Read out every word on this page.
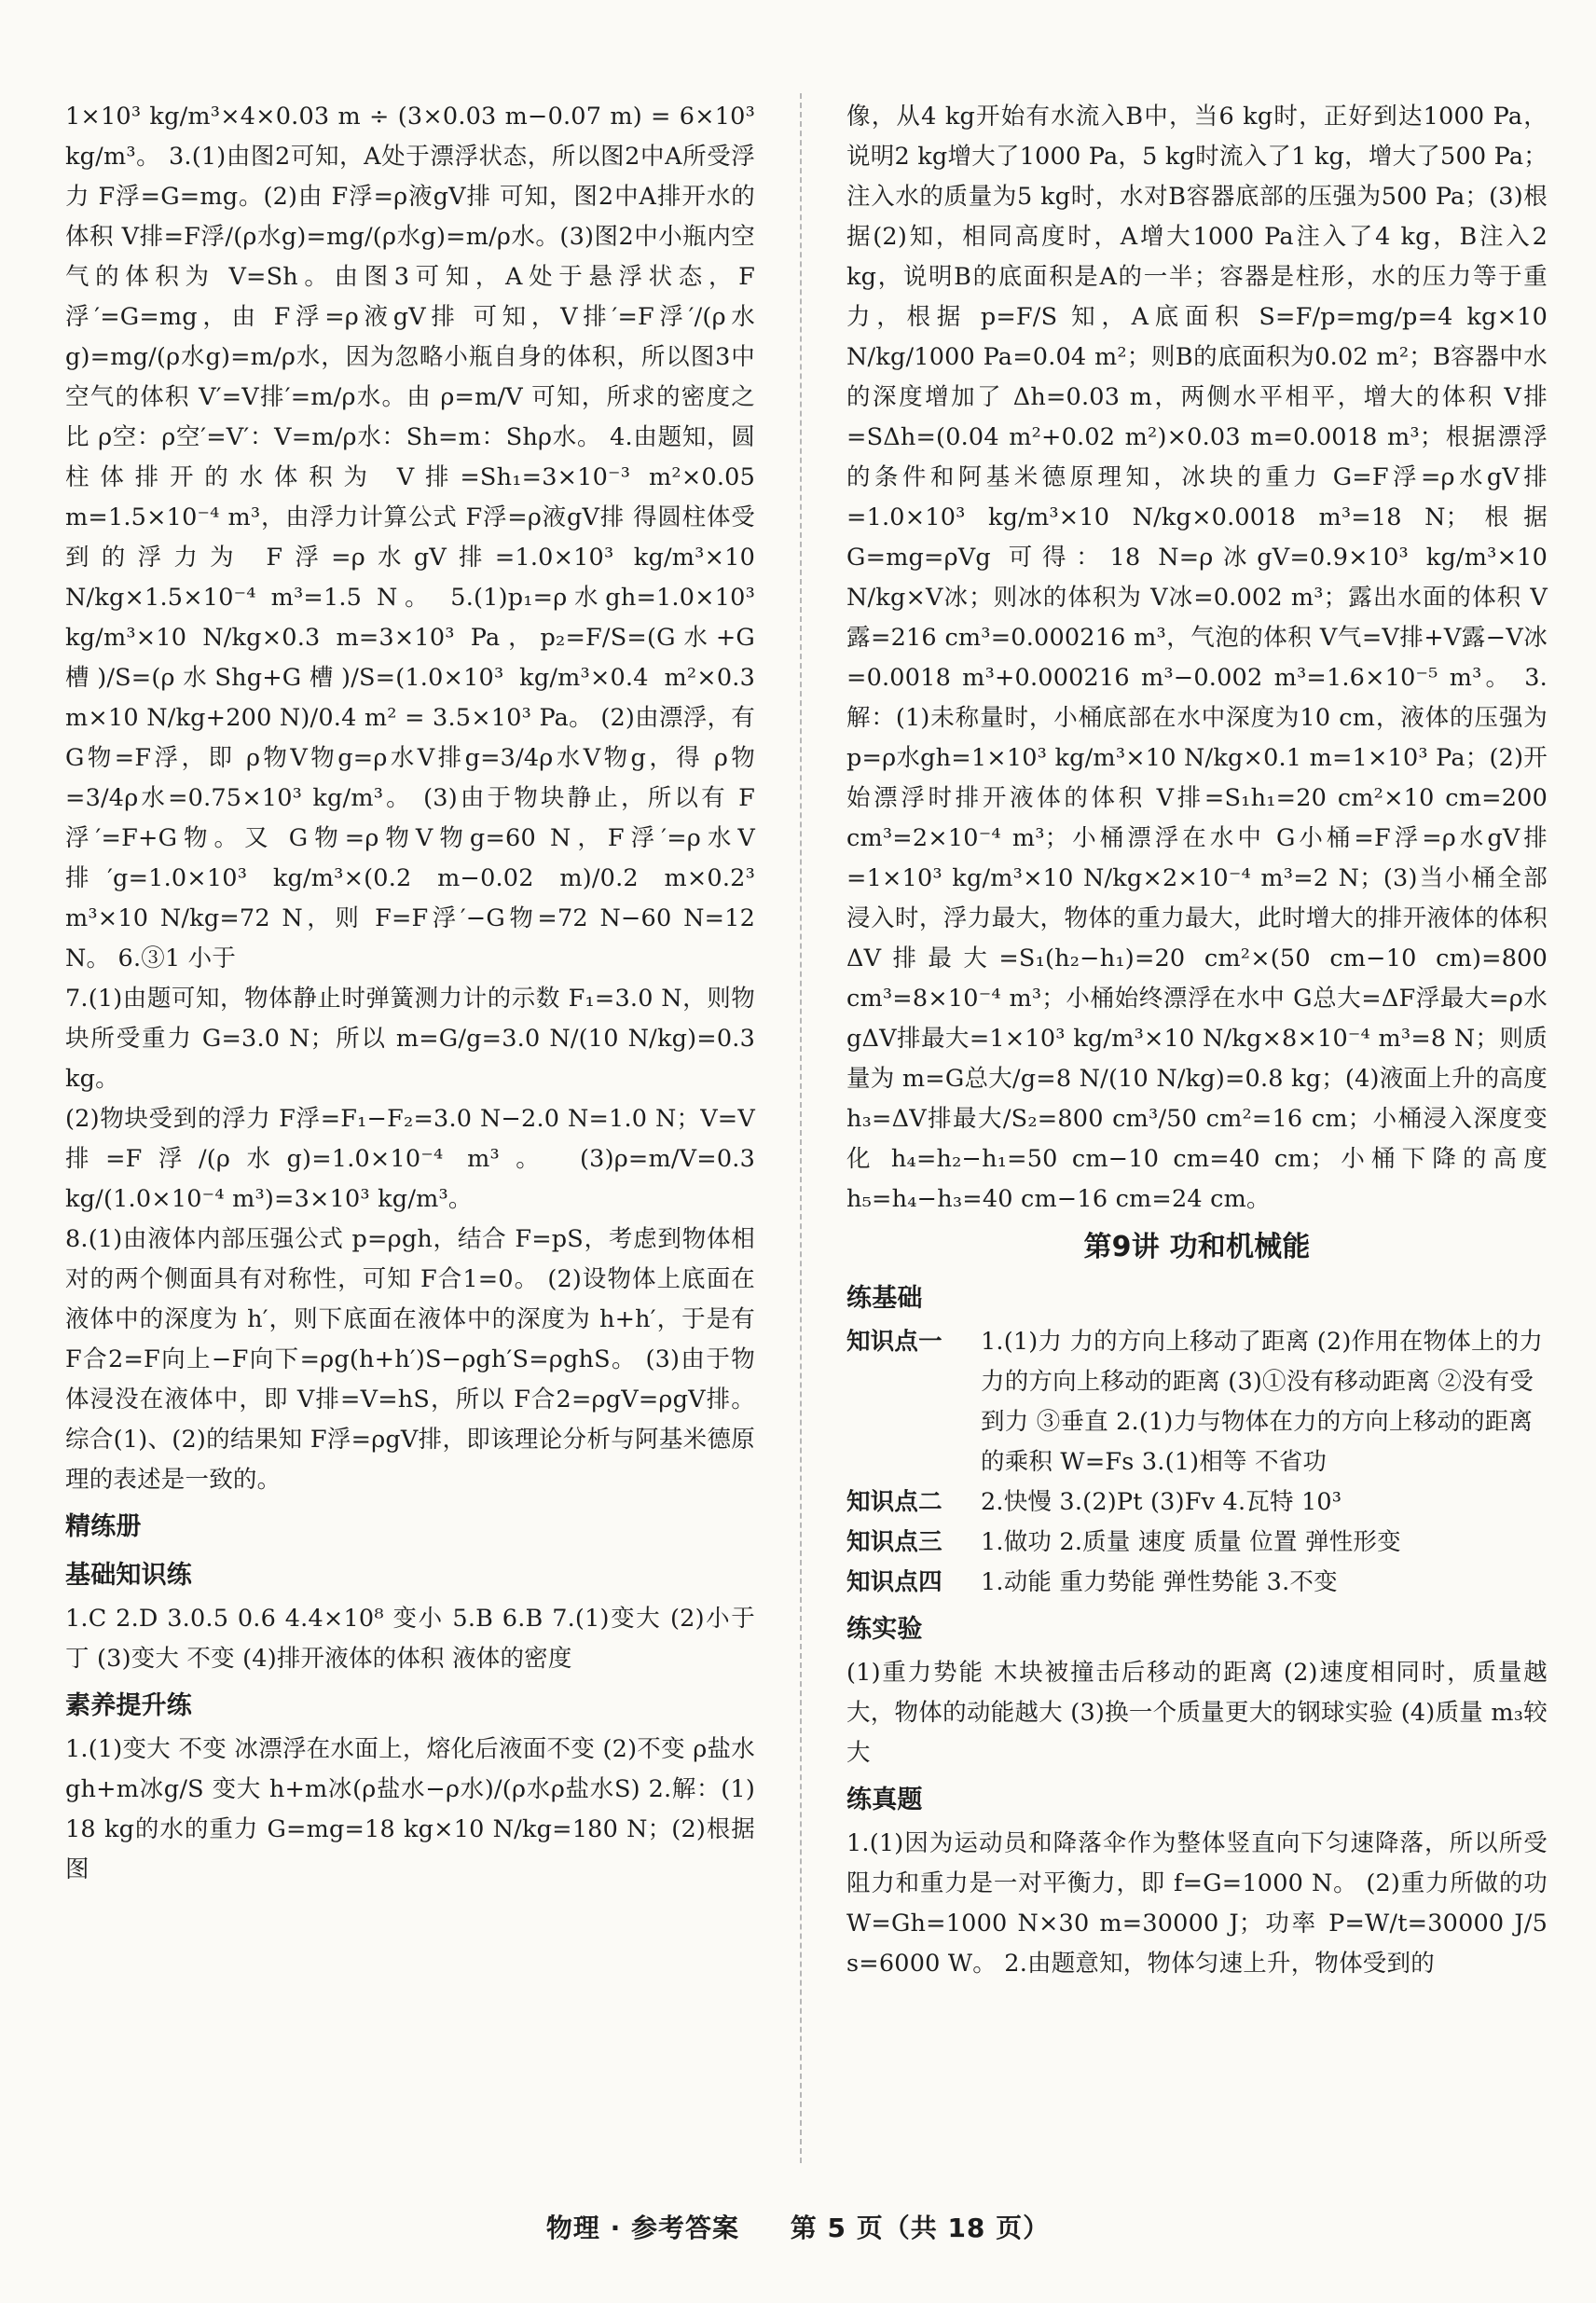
1×10³ kg/m³×4×0.03 m ÷ (3×0.03 m−0.07 m) = 6×10³ kg/m³。 3.(1)由图2可知，A处于漂浮状态，所以图2中A所受浮力 F浮=G=mg。(2)由 F浮=ρ液gV排 可知，图2中A排开水的体积 V排=F浮/(ρ水g)=mg/(ρ水g)=m/ρ水。(3)图2中小瓶内空气的体积为 V=Sh。由图3可知，A处于悬浮状态，F浮′=G=mg，由 F浮=ρ液gV排 可知，V排′=F浮′/(ρ水g)=mg/(ρ水g)=m/ρ水，因为忽略小瓶自身的体积，所以图3中空气的体积 V′=V排′=m/ρ水。由 ρ=m/V 可知，所求的密度之比 ρ空：ρ空′=V′：V=m/ρ水：Sh=m：Shρ水。 4.由题知，圆柱体排开的水体积为 V排=Sh₁=3×10⁻³ m²×0.05 m=1.5×10⁻⁴ m³，由浮力计算公式 F浮=ρ液gV排 得圆柱体受到的浮力为 F浮=ρ水gV排=1.0×10³ kg/m³×10 N/kg×1.5×10⁻⁴ m³=1.5 N。 5.(1)p₁=ρ水gh=1.0×10³ kg/m³×10 N/kg×0.3 m=3×10³ Pa，p₂=F/S=(G水+G槽)/S=(ρ水Shg+G槽)/S=(1.0×10³ kg/m³×0.4 m²×0.3 m×10 N/kg+200 N)/0.4 m² = 3.5×10³ Pa。 (2)由漂浮，有 G物=F浮，即 ρ物V物g=ρ水V排g=3/4ρ水V物g，得 ρ物=3/4ρ水=0.75×10³ kg/m³。 (3)由于物块静止，所以有 F浮′=F+G物。又 G物=ρ物V物g=60 N，F浮′=ρ水V排′g=1.0×10³ kg/m³×(0.2 m−0.02 m)/0.2 m×0.2³ m³×10 N/kg=72 N，则 F=F浮′−G物=72 N−60 N=12 N。 6.③1 小于

7.(1)由题可知，物体静止时弹簧测力计的示数 F₁=3.0 N，则物块所受重力 G=3.0 N；所以 m=G/g=3.0 N/(10 N/kg)=0.3 kg。

(2)物块受到的浮力 F浮=F₁−F₂=3.0 N−2.0 N=1.0 N；V=V排=F浮/(ρ水g)=1.0×10⁻⁴ m³。 (3)ρ=m/V=0.3 kg/(1.0×10⁻⁴ m³)=3×10³ kg/m³。

8.(1)由液体内部压强公式 p=ρgh，结合 F=pS，考虑到物体相对的两个侧面具有对称性，可知 F合1=0。 (2)设物体上底面在液体中的深度为 h′，则下底面在液体中的深度为 h+h′，于是有 F合2=F向上−F向下=ρg(h+h′)S−ρgh′S=ρghS。 (3)由于物体浸没在液体中，即 V排=V=hS，所以 F合2=ρgV=ρgV排。综合(1)、(2)的结果知 F浮=ρgV排，即该理论分析与阿基米德原理的表述是一致的。

精练册
基础知识练

1.C 2.D 3.0.5 0.6 4.4×10⁸ 变小 5.B 6.B 7.(1)变大 (2)小于 丁 (3)变大 不变 (4)排开液体的体积 液体的密度

素养提升练

1.(1)变大 不变 冰漂浮在水面上，熔化后液面不变 (2)不变 ρ盐水gh+m冰g/S 变大 h+m冰(ρ盐水−ρ水)/(ρ水ρ盐水S) 2.解：(1) 18 kg的水的重力 G=mg=18 kg×10 N/kg=180 N；(2)根据图

像，从4 kg开始有水流入B中，当6 kg时，正好到达1000 Pa，说明2 kg增大了1000 Pa，5 kg时流入了1 kg，增大了500 Pa；注入水的质量为5 kg时，水对B容器底部的压强为500 Pa；(3)根据(2)知，相同高度时，A增大1000 Pa注入了4 kg，B注入2 kg，说明B的底面积是A的一半；容器是柱形，水的压力等于重力，根据 p=F/S 知，A底面积 S=F/p=mg/p=4 kg×10 N/kg/1000 Pa=0.04 m²；则B的底面积为0.02 m²；B容器中水的深度增加了 Δh=0.03 m，两侧水平相平，增大的体积 V排=SΔh=(0.04 m²+0.02 m²)×0.03 m=0.0018 m³；根据漂浮的条件和阿基米德原理知，冰块的重力 G=F浮=ρ水gV排=1.0×10³ kg/m³×10 N/kg×0.0018 m³=18 N；根据 G=mg=ρVg 可得：18 N=ρ冰gV=0.9×10³ kg/m³×10 N/kg×V冰；则冰的体积为 V冰=0.002 m³；露出水面的体积 V露=216 cm³=0.000216 m³，气泡的体积 V气=V排+V露−V冰=0.0018 m³+0.000216 m³−0.002 m³=1.6×10⁻⁵ m³。 3.解：(1)未称量时，小桶底部在水中深度为10 cm，液体的压强为 p=ρ水gh=1×10³ kg/m³×10 N/kg×0.1 m=1×10³ Pa；(2)开始漂浮时排开液体的体积 V排=S₁h₁=20 cm²×10 cm=200 cm³=2×10⁻⁴ m³；小桶漂浮在水中 G小桶=F浮=ρ水gV排=1×10³ kg/m³×10 N/kg×2×10⁻⁴ m³=2 N；(3)当小桶全部浸入时，浮力最大，物体的重力最大，此时增大的排开液体的体积 ΔV排最大=S₁(h₂−h₁)=20 cm²×(50 cm−10 cm)=800 cm³=8×10⁻⁴ m³；小桶始终漂浮在水中 G总大=ΔF浮最大=ρ水gΔV排最大=1×10³ kg/m³×10 N/kg×8×10⁻⁴ m³=8 N；则质量为 m=G总大/g=8 N/(10 N/kg)=0.8 kg；(4)液面上升的高度 h₃=ΔV排最大/S₂=800 cm³/50 cm²=16 cm；小桶浸入深度变化 h₄=h₂−h₁=50 cm−10 cm=40 cm；小桶下降的高度 h₅=h₄−h₃=40 cm−16 cm=24 cm。

第9讲 功和机械能
练基础
知识点一	1.(1)力 力的方向上移动了距离 (2)作用在物体上的力 力的方向上移动的距离 (3)①没有移动距离 ②没有受到力 ③垂直 2.(1)力与物体在力的方向上移动的距离的乘积 W=Fs 3.(1)相等 不省功
知识点二	2.快慢 3.(2)Pt (3)Fv 4.瓦特 10³
知识点三	1.做功 2.质量 速度 质量 位置 弹性形变
知识点四	1.动能 重力势能 弹性势能 3.不变
练实验

(1)重力势能 木块被撞击后移动的距离 (2)速度相同时，质量越大，物体的动能越大 (3)换一个质量更大的钢球实验 (4)质量 m₃较大

练真题

1.(1)因为运动员和降落伞作为整体竖直向下匀速降落，所以所受阻力和重力是一对平衡力，即 f=G=1000 N。 (2)重力所做的功 W=Gh=1000 N×30 m=30000 J；功率 P=W/t=30000 J/5 s=6000 W。 2.由题意知，物体匀速上升，物体受到的

物理 · 参考答案 第 5 页（共 18 页）
